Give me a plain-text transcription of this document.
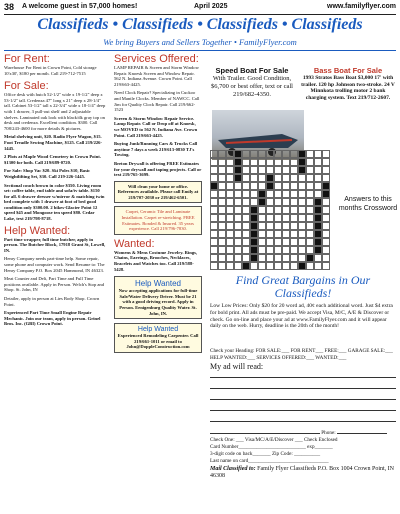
38 A welcome guest in 57,000 homes!	April 2025	www.familyflyer.com
Classifieds • Classifieds • Classifieds • Classifieds
We bring Buyers and Sellers Together • FamilyFlyer.com
For Rent:
Warehouse For Rent in Crown Point, Cold storage 10'x30', $180 per month. Call 219-712-7515
For Sale:

Office desk with hutch 52-1/2" wide x 19-1/2" deep x 53-1/2" tall. Credenza 47" long x 21" deep x 28-1/4" tall. Cabinet 53-1/2" tall x 22-3/4" wide x 18-1/4" deep with 1 drawer, 3 pull-out shelf and 2 adjustable shelves. Laminated oak look with black/dk gray top on desk and credenza. Excellent condition. $300. Call 708/243-4600 for more details & pictures.

Metal shelving unit, $20. Radio Flyer Wagon, $15. Foot Treadle Sewing Machine, $125. Call 219/226-1445.

2 Plots at Maple Wood Cemetery in Crown Point. $1300 for both. Call 219/689-0720.

For Sale: Shop Vac $20. Ski Poles $10, Basic Weightlifting Set, $30. Call 219-226-1445.

Sectional couch brown in color $350. Living room set: coffee table, end table and sofa/tv table. $150 for all. 6 drawer dresser w/mirror & matching twin bed complete with 1 drawer at foot of bed good condition only $300.00. 2 bikes-Glacier Point 12 speed $45 and Mongoose ten speed $80. Cedar Lake, text 219/798-8718.

Help Wanted:

Part time wrapper, full time butcher, apply in person. The Butcher Block, 17918 Grant St, Lowell, IN.

Henry Company needs part-time help. Some repair, some phone and computer work. Send Resume to: The Henry Company P.O. Box 2045 Hammond, IN 46323.

Meat Counter and Deli, Part Time and Full Time positions available. Apply in Person. Welch's Stop and Shop. St. John, IN

Detailer, apply in person at Lies Body Shop. Crown Point.

Experienced Part Time Small Engine Repair Mechanic. Join our team, apply in person. Grinel Bros. Inc. (GBI) Crown Point.

Services Offered:

LAMP REPAIR & Screen and Storm Window Repair. Knoesk Screen and Window Repair. 562 N. Indiana Avenue. Crown Point. Call 219/663-4425.

Need Clock Repair? Specializing in Cuckoo and Mantle Clocks. Member of NAWCC. Call Jim for Quality Clock Repair. Call 219/662-1523

Screen & Storm Window Repair Service. Lamp Repair. Call or Drop off at Knoesk, we MOVED to 562 N. Indiana Ave. Crown Point. Call 219/663-4425.

Buying Junk/Running Cars & Trucks Call anytime 7 days a week 219/613-0830 TJ's Towing.

Breton Drywall is offering FREE Estimates for your drywall and taping projects. Call or text 219/765-3699.

Will clean your home or office. References available. Please call Emily at 219/707-2030 or 219/462-6501.
Carpet, Ceramic Tile and Laminate Installation. Carpet re-stretching. FREE Estimates. Bonded & Insured. 35 years experience. Call 219/796-7830.
Wanted:
Womens & Mens Costume Jewelry. Rings, Chains, Earrings, Brooches, Necklaces, Bracelets and Watches too. Call 219/588-5428.
Help Wanted
Now accepting applications for full-time Sale/Water Delivery Driver. Must be 21 with a good driving record. Apply in Person. Eenigenburg Quality Water. St. John, IN.
Help Wanted
Experienced Remodeling Carpenter. Call 219/661-1011 or email to John@DoppleConstruction.com
Speed Boat For Sale
With Trailer. Good Condition, $6,700 or best offer, text or call 219/682-4350.
Bass Boat For Sale
1993 Stratos Bass Boat $3,000 17' with trailer. 120 hp Johnson two-stroke. 24 V Minnkota trolling motor 2 bank charging system. Text 219/712-2607.
Answers to this months Crossword
Find Great Bargains in Our Classifieds!
Low Low Prices: Only $20 for 20 word ad, 40¢ each additional word. Just $4 extra for bold print. All ads must be pre-paid. We accept Visa, M/C, A/E & Discover or check. Go on-line and place your ad at www.FamilyFlyer.com and it will appear daily on the web. Hurry, deadline is the 20th of the month!
Check your Heading: FOR SALE:___ FOR RENT___ FREE:___ GARAGE SALE:___ HELP WANTED:___ SERVICES OFFERED:___ WANTED:___
My ad will read:

Phone:
Check One: ___ Visa/MC/A/E/Discover ___ Check Enclosed
Card Number__________________________ exp_______
3-digit code on back_______ Zip Code: __________
Last name on card_______________________________
Mail Classified to: Family Flyer Classifieds P.O. Box 1004 Crown Point, IN 46308
